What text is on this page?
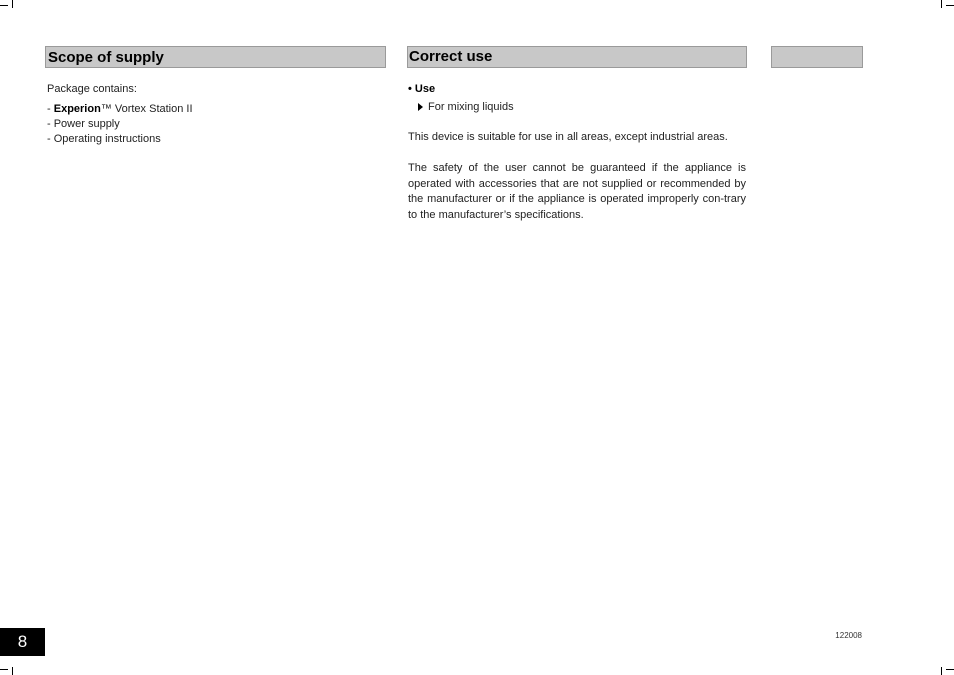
Scope of supply
Package contains:
- Experion™ Vortex Station II
- Power supply
- Operating instructions
Correct use
• Use
For mixing liquids
This device is suitable for use in all areas, except industrial areas.
The safety of the user cannot be guaranteed if the appliance is operated with accessories that are not supplied or recommended by the manufacturer or if the appliance is operated improperly con-trary to the manufacturer’s specifications.
8	122008
